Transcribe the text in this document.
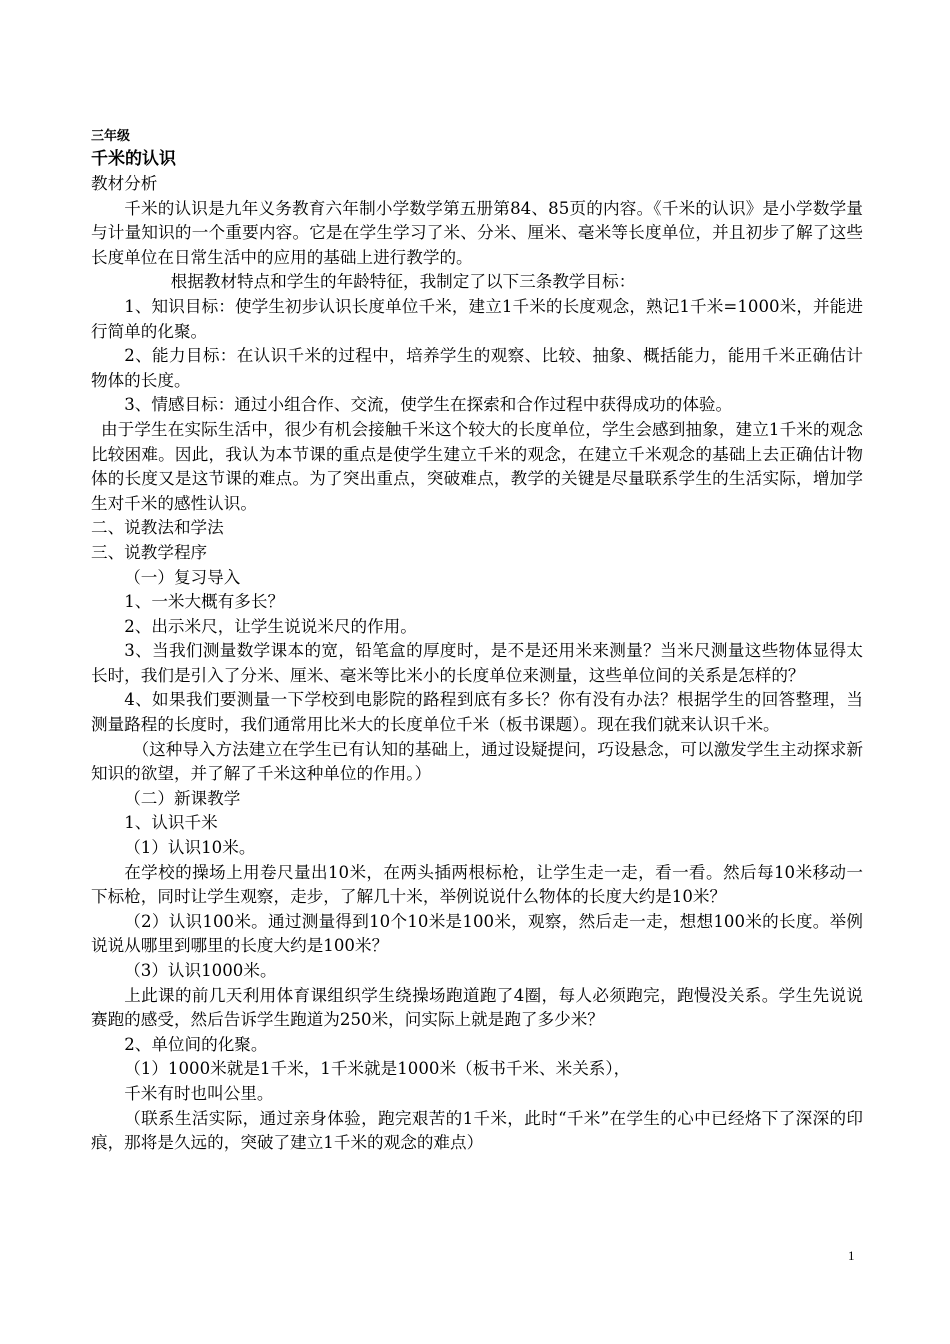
三年级
千米的认识

教材分析

千米的认识是九年义务教育六年制小学数学第五册第84、85页的内容。《千米的认识》是小学数学量与计量知识的一个重要内容。它是在学生学习了米、分米、厘米、毫米等长度单位，并且初步了解了这些长度单位在日常生活中的应用的基础上进行教学的。

根据教材特点和学生的年龄特征，我制定了以下三条教学目标：

1、知识目标：使学生初步认识长度单位千米，建立1千米的长度观念，熟记1千米=1000米，并能进行简单的化聚。

2、能力目标：在认识千米的过程中，培养学生的观察、比较、抽象、概括能力，能用千米正确估计物体的长度。

3、情感目标：通过小组合作、交流，使学生在探索和合作过程中获得成功的体验。

由于学生在实际生活中，很少有机会接触千米这个较大的长度单位，学生会感到抽象，建立1千米的观念比较困难。因此，我认为本节课的重点是使学生建立千米的观念，在建立千米观念的基础上去正确估计物体的长度又是这节课的难点。为了突出重点，突破难点，教学的关键是尽量联系学生的生活实际，增加学生对千米的感性认识。

二、说教法和学法

三、说教学程序

（一）复习导入

1、一米大概有多长？

2、出示米尺，让学生说说米尺的作用。

3、当我们测量数学课本的宽，铅笔盒的厚度时，是不是还用米来测量？当米尺测量这些物体显得太长时，我们是引入了分米、厘米、毫米等比米小的长度单位来测量，这些单位间的关系是怎样的？

4、如果我们要测量一下学校到电影院的路程到底有多长？你有没有办法？根据学生的回答整理，当测量路程的长度时，我们通常用比米大的长度单位千米（板书课题）。现在我们就来认识千米。

（这种导入方法建立在学生已有认知的基础上，通过设疑提问，巧设悬念，可以激发学生主动探求新知识的欲望，并了解了千米这种单位的作用。）

（二）新课教学

1、认识千米

（1）认识10米。

在学校的操场上用卷尺量出10米，在两头插两根标枪，让学生走一走，看一看。然后每10米移动一下标枪，同时让学生观察，走步，了解几十米，举例说说什么物体的长度大约是10米？

（2）认识100米。通过测量得到10个10米是100米，观察，然后走一走，想想100米的长度。举例说说从哪里到哪里的长度大约是100米？

（3）认识1000米。

上此课的前几天利用体育课组织学生绕操场跑道跑了4圈，每人必须跑完，跑慢没关系。学生先说说赛跑的感受，然后告诉学生跑道为250米，问实际上就是跑了多少米？

2、单位间的化聚。

（1）1000米就是1千米，1千米就是1000米（板书千米、米关系），

千米有时也叫公里。

（联系生活实际，通过亲身体验，跑完艰苦的1千米，此时“千米”在学生的心中已经烙下了深深的印痕，那将是久远的，突破了建立1千米的观念的难点）

1
